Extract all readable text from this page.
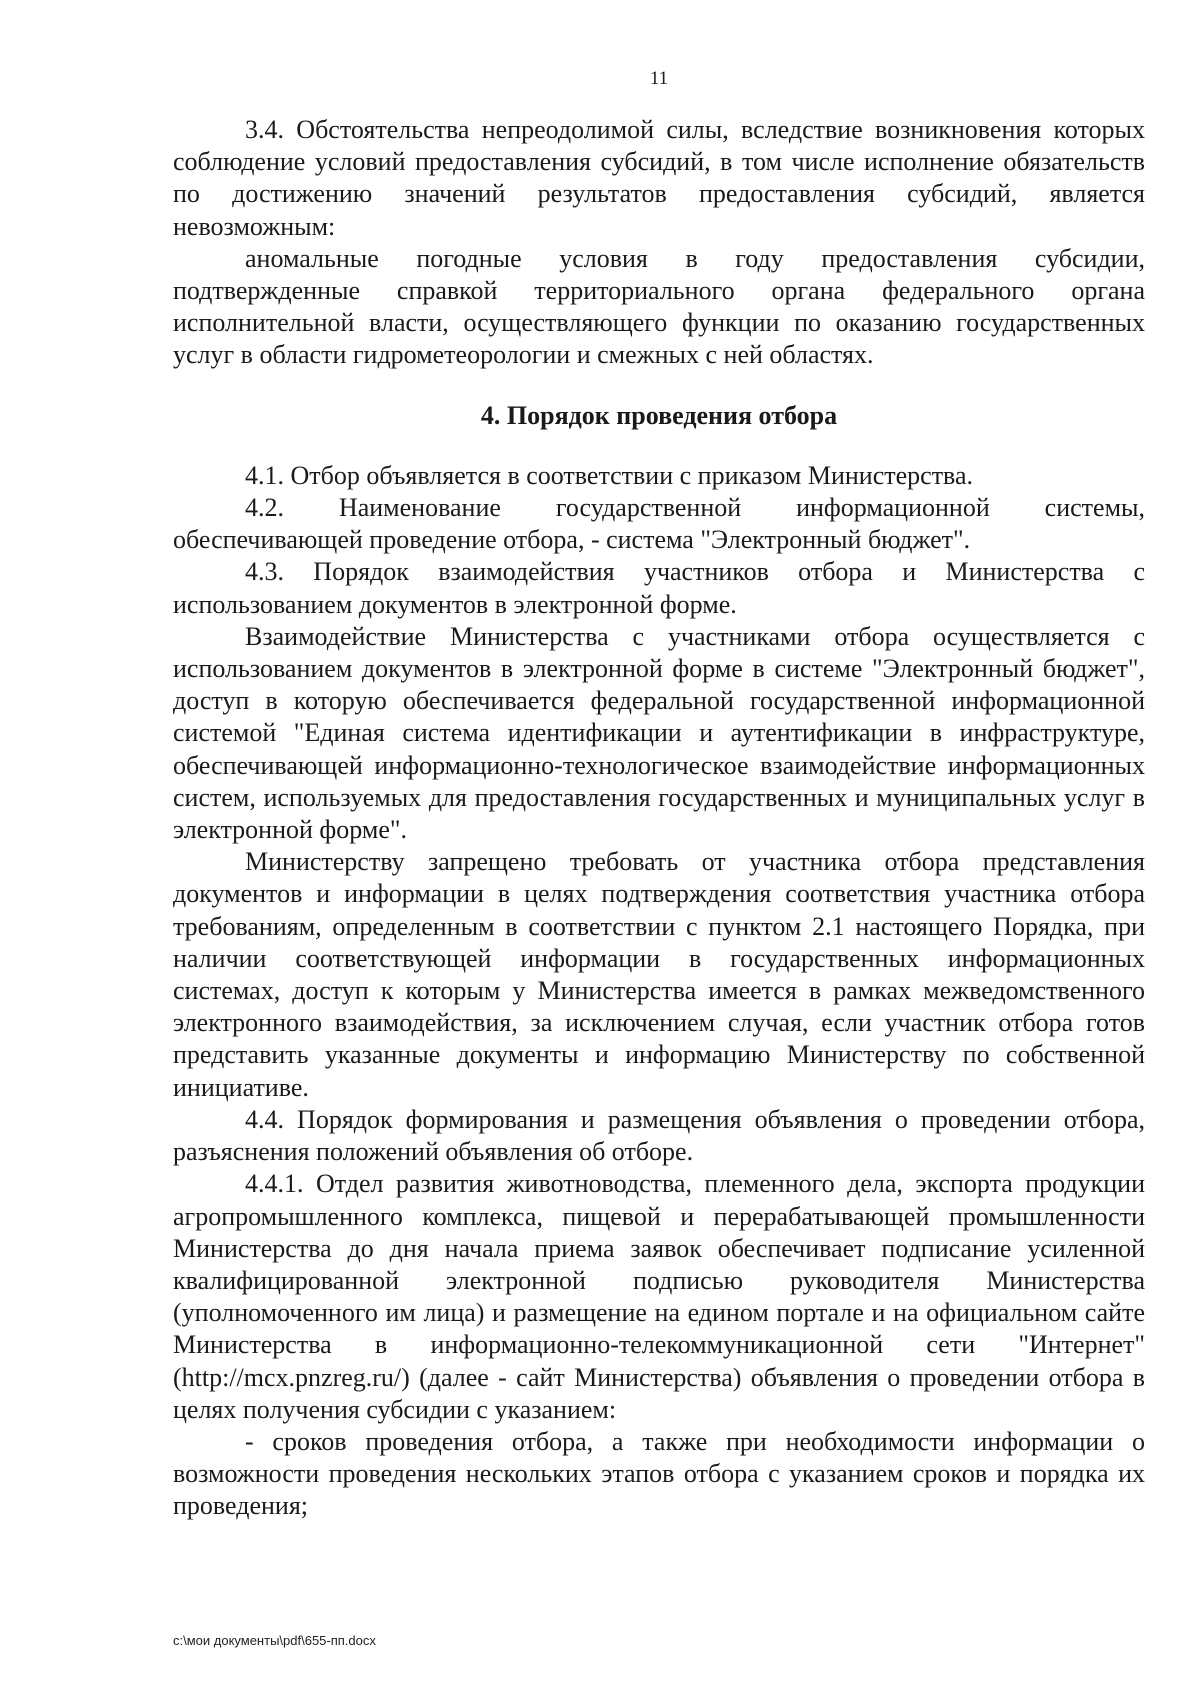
11

3.4. Обстоятельства непреодолимой силы, вследствие возникновения которых соблюдение условий предоставления субсидий, в том числе исполнение обязательств по достижению значений результатов предоставления субсидий, является невозможным:

аномальные погодные условия в году предоставления субсидии, подтвержденные справкой территориального органа федерального органа исполнительной власти, осуществляющего функции по оказанию государственных услуг в области гидрометеорологии и смежных с ней областях.

4. Порядок проведения отбора

4.1. Отбор объявляется в соответствии с приказом Министерства.

4.2. Наименование государственной информационной системы, обеспечивающей проведение отбора, - система "Электронный бюджет".

4.3. Порядок взаимодействия участников отбора и Министерства с использованием документов в электронной форме.

Взаимодействие Министерства с участниками отбора осуществляется с использованием документов в электронной форме в системе "Электронный бюджет", доступ в которую обеспечивается федеральной государственной информационной системой "Единая система идентификации и аутентификации в инфраструктуре, обеспечивающей информационно-технологическое взаимодействие информационных систем, используемых для предоставления государственных и муниципальных услуг в электронной форме".

Министерству запрещено требовать от участника отбора представления документов и информации в целях подтверждения соответствия участника отбора требованиям, определенным в соответствии с пунктом 2.1 настоящего Порядка, при наличии соответствующей информации в государственных информационных системах, доступ к которым у Министерства имеется в рамках межведомственного электронного взаимодействия, за исключением случая, если участник отбора готов представить указанные документы и информацию Министерству по собственной инициативе.

4.4. Порядок формирования и размещения объявления о проведении отбора, разъяснения положений объявления об отборе.

4.4.1. Отдел развития животноводства, племенного дела, экспорта продукции агропромышленного комплекса, пищевой и перерабатывающей промышленности Министерства до дня начала приема заявок обеспечивает подписание усиленной квалифицированной электронной подписью руководителя Министерства (уполномоченного им лица) и размещение на едином портале и на официальном сайте Министерства в информационно-телекоммуникационной сети "Интернет" (http://mcx.pnzreg.ru/) (далее - сайт Министерства) объявления о проведении отбора в целях получения субсидии с указанием:

- сроков проведения отбора, а также при необходимости информации о возможности проведения нескольких этапов отбора с указанием сроков и порядка их проведения;

c:\мои документы\pdf\655-пп.docx
